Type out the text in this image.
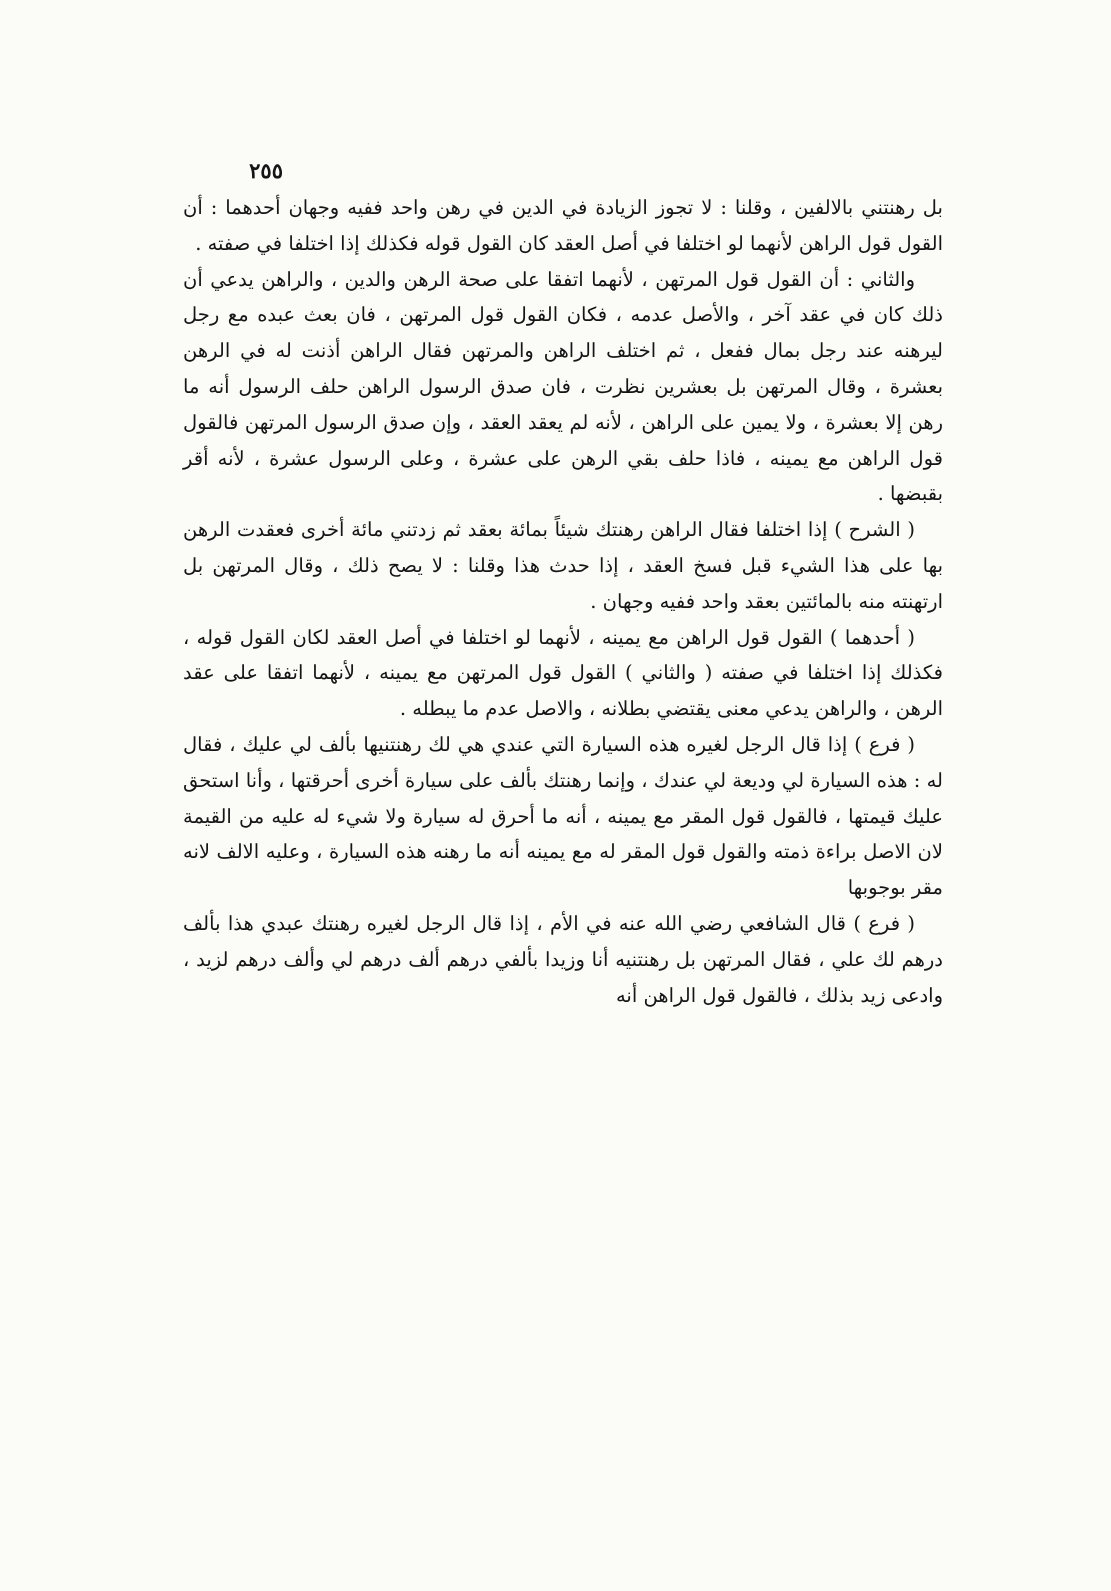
٢٥٥

بل رهنتني بالالفين ، وقلنا : لا تجوز الزيادة في الدين في رهن واحد ففيه وجهان أحدهما : أن القول قول الراهن لأنهما لو اختلفا في أصل العقد كان القول قوله فكذلك إذا اختلفا في صفته .

والثاني : أن القول قول المرتهن ، لأنهما اتفقا على صحة الرهن والدين ، والراهن يدعي أن ذلك كان في عقد آخر ، والأصل عدمه ، فكان القول قول المرتهن ، فان بعث عبده مع رجل ليرهنه عند رجل بمال ففعل ، ثم اختلف الراهن والمرتهن فقال الراهن أذنت له في الرهن بعشرة ، وقال المرتهن بل بعشرين نظرت ، فان صدق الرسول الراهن حلف الرسول أنه ما رهن إلا بعشرة ، ولا يمين على الراهن ، لأنه لم يعقد العقد ، وإن صدق الرسول المرتهن فالقول قول الراهن مع يمينه ، فاذا حلف بقي الرهن على عشرة ، وعلى الرسول عشرة ، لأنه أقر بقبضها .

( الشرح ) إذا اختلفا فقال الراهن رهنتك شيئاً بمائة بعقد ثم زدتني مائة أخرى فعقدت الرهن بها على هذا الشيء قبل فسخ العقد ، إذا حدث هذا وقلنا : لا يصح ذلك ، وقال المرتهن بل ارتهنته منه بالمائتين بعقد واحد ففيه وجهان .

( أحدهما ) القول قول الراهن مع يمينه ، لأنهما لو اختلفا في أصل العقد لكان القول قوله ، فكذلك إذا اختلفا في صفته ( والثاني ) القول قول المرتهن مع يمينه ، لأنهما اتفقا على عقد الرهن ، والراهن يدعي معنى يقتضي بطلانه ، والاصل عدم ما يبطله .

( فرع ) إذا قال الرجل لغيره هذه السيارة التي عندي هي لك رهنتنيها بألف لي عليك ، فقال له : هذه السيارة لي وديعة لي عندك ، وإنما رهنتك بألف على سيارة أخرى أحرقتها ، وأنا استحق عليك قيمتها ، فالقول قول المقر مع يمينه ، أنه ما أحرق له سيارة ولا شيء له عليه من القيمة لان الاصل براءة ذمته والقول قول المقر له مع يمينه أنه ما رهنه هذه السيارة ، وعليه الالف لانه مقر بوجوبها

( فرع ) قال الشافعي رضي الله عنه في الأم ، إذا قال الرجل لغيره رهنتك عبدي هذا بألف درهم لك علي ، فقال المرتهن بل رهنتنيه أنا وزيدا بألفي درهم ألف درهم لي وألف درهم لزيد ، وادعى زيد بذلك ، فالقول قول الراهن أنه
